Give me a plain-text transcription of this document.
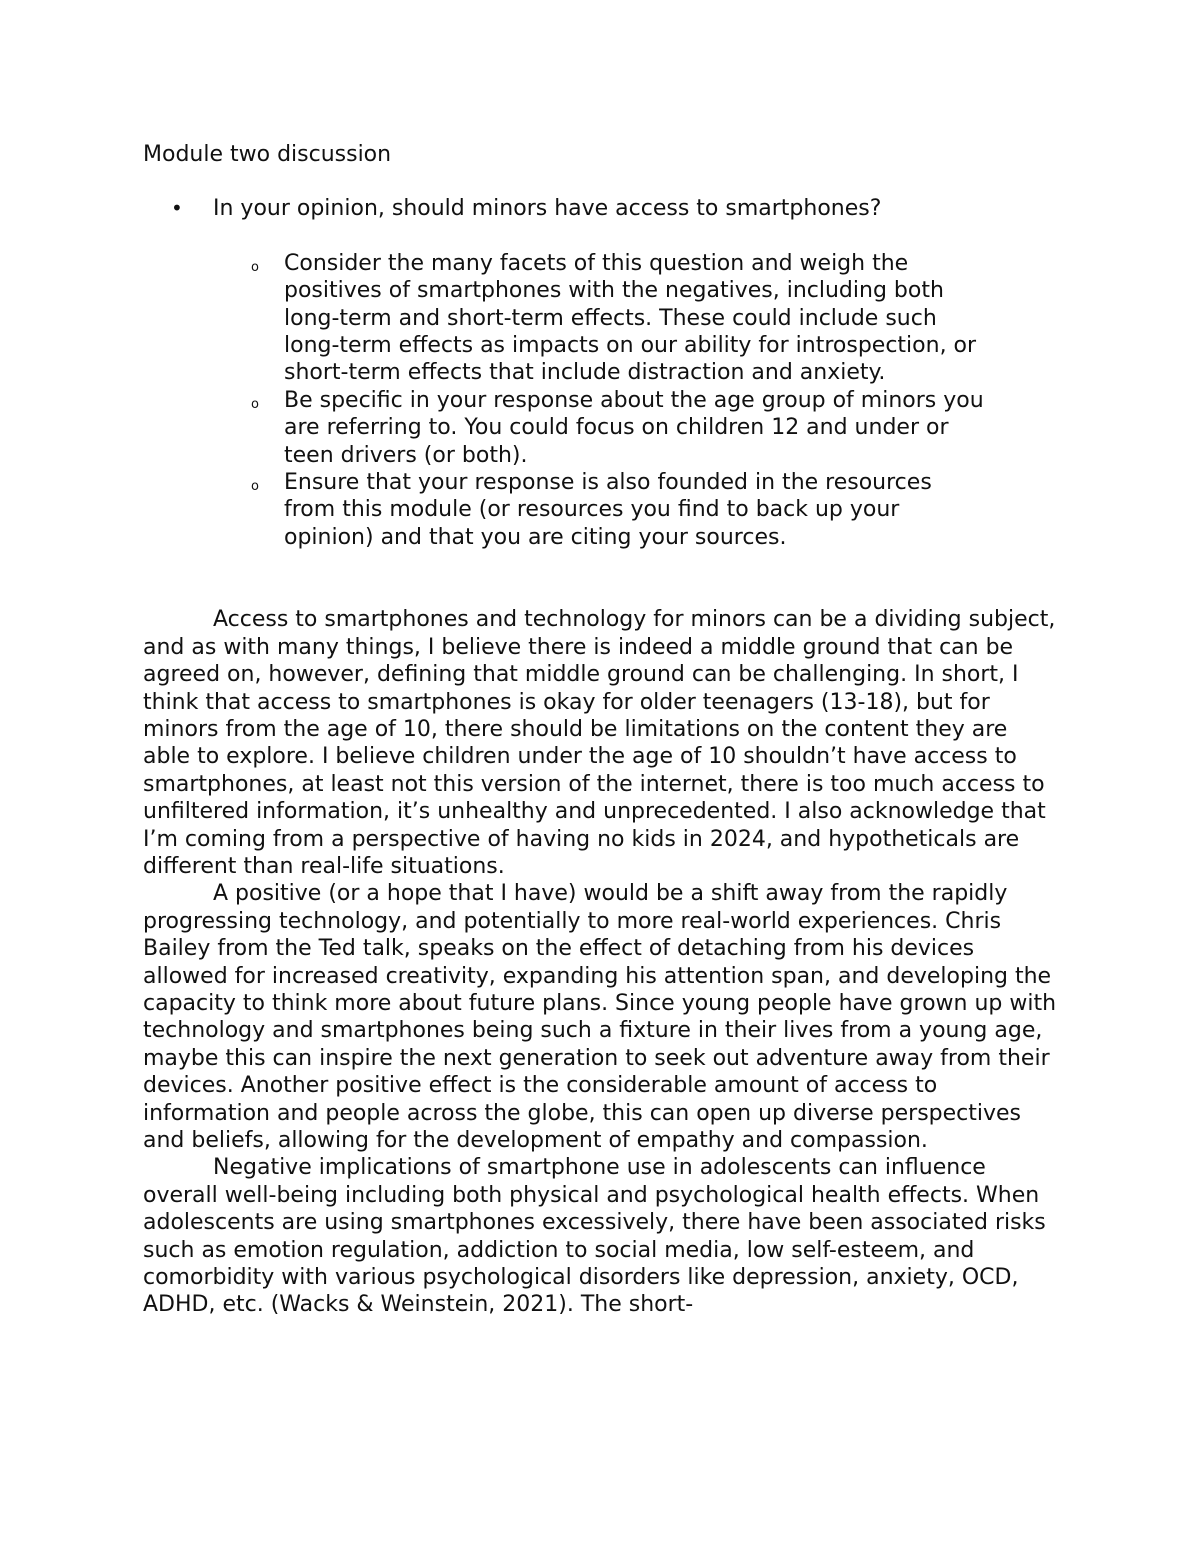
Module two discussion
• In your opinion, should minors have access to smartphones?
o Consider the many facets of this question and weigh the positives of smartphones with the negatives, including both long-term and short-term effects. These could include such long-term effects as impacts on our ability for introspection, or short-term effects that include distraction and anxiety.
o Be specific in your response about the age group of minors you are referring to. You could focus on children 12 and under or teen drivers (or both).
o Ensure that your response is also founded in the resources from this module (or resources you find to back up your opinion) and that you are citing your sources.

Access to smartphones and technology for minors can be a dividing subject, and as with many things, I believe there is indeed a middle ground that can be agreed on, however, defining that middle ground can be challenging. In short, I think that access to smartphones is okay for older teenagers (13-18), but for minors from the age of 10, there should be limitations on the content they are able to explore. I believe children under the age of 10 shouldn’t have access to smartphones, at least not this version of the internet, there is too much access to unfiltered information, it’s unhealthy and unprecedented. I also acknowledge that I’m coming from a perspective of having no kids in 2024, and hypotheticals are different than real-life situations.

A positive (or a hope that I have) would be a shift away from the rapidly progressing technology, and potentially to more real-world experiences. Chris Bailey from the Ted talk, speaks on the effect of detaching from his devices allowed for increased creativity, expanding his attention span, and developing the capacity to think more about future plans. Since young people have grown up with technology and smartphones being such a fixture in their lives from a young age, maybe this can inspire the next generation to seek out adventure away from their devices. Another positive effect is the considerable amount of access to information and people across the globe, this can open up diverse perspectives and beliefs, allowing for the development of empathy and compassion.

Negative implications of smartphone use in adolescents can influence overall well-being including both physical and psychological health effects. When adolescents are using smartphones excessively, there have been associated risks such as emotion regulation, addiction to social media, low self-esteem, and comorbidity with various psychological disorders like depression, anxiety, OCD, ADHD, etc. (Wacks & Weinstein, 2021). The short-
